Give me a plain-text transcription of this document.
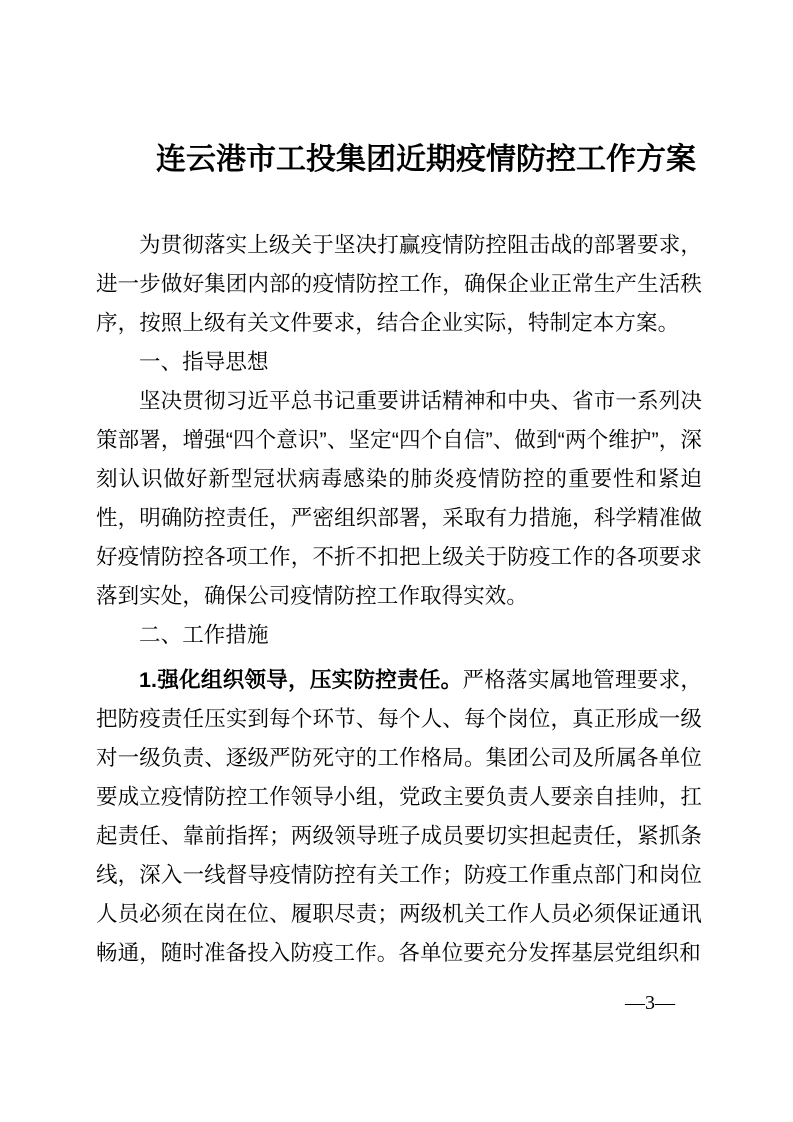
连云港市工投集团近期疫情防控工作方案

为贯彻落实上级关于坚决打赢疫情防控阻击战的部署要求，进一步做好集团内部的疫情防控工作，确保企业正常生产生活秩序，按照上级有关文件要求，结合企业实际，特制定本方案。

一、指导思想

坚决贯彻习近平总书记重要讲话精神和中央、省市一系列决策部署，增强“四个意识”、坚定“四个自信”、做到“两个维护”，深刻认识做好新型冠状病毒感染的肺炎疫情防控的重要性和紧迫性，明确防控责任，严密组织部署，采取有力措施，科学精准做好疫情防控各项工作，不折不扣把上级关于防疫工作的各项要求落到实处，确保公司疫情防控工作取得实效。

二、工作措施

1.强化组织领导，压实防控责任。严格落实属地管理要求，把防疫责任压实到每个环节、每个人、每个岗位，真正形成一级对一级负责、逐级严防死守的工作格局。集团公司及所属各单位要成立疫情防控工作领导小组，党政主要负责人要亲自挂帅，扛起责任、靠前指挥；两级领导班子成员要切实担起责任，紧抓条线，深入一线督导疫情防控有关工作；防疫工作重点部门和岗位人员必须在岗在位、履职尽责；两级机关工作人员必须保证通讯畅通，随时准备投入防疫工作。各单位要充分发挥基层党组织和

—3—
